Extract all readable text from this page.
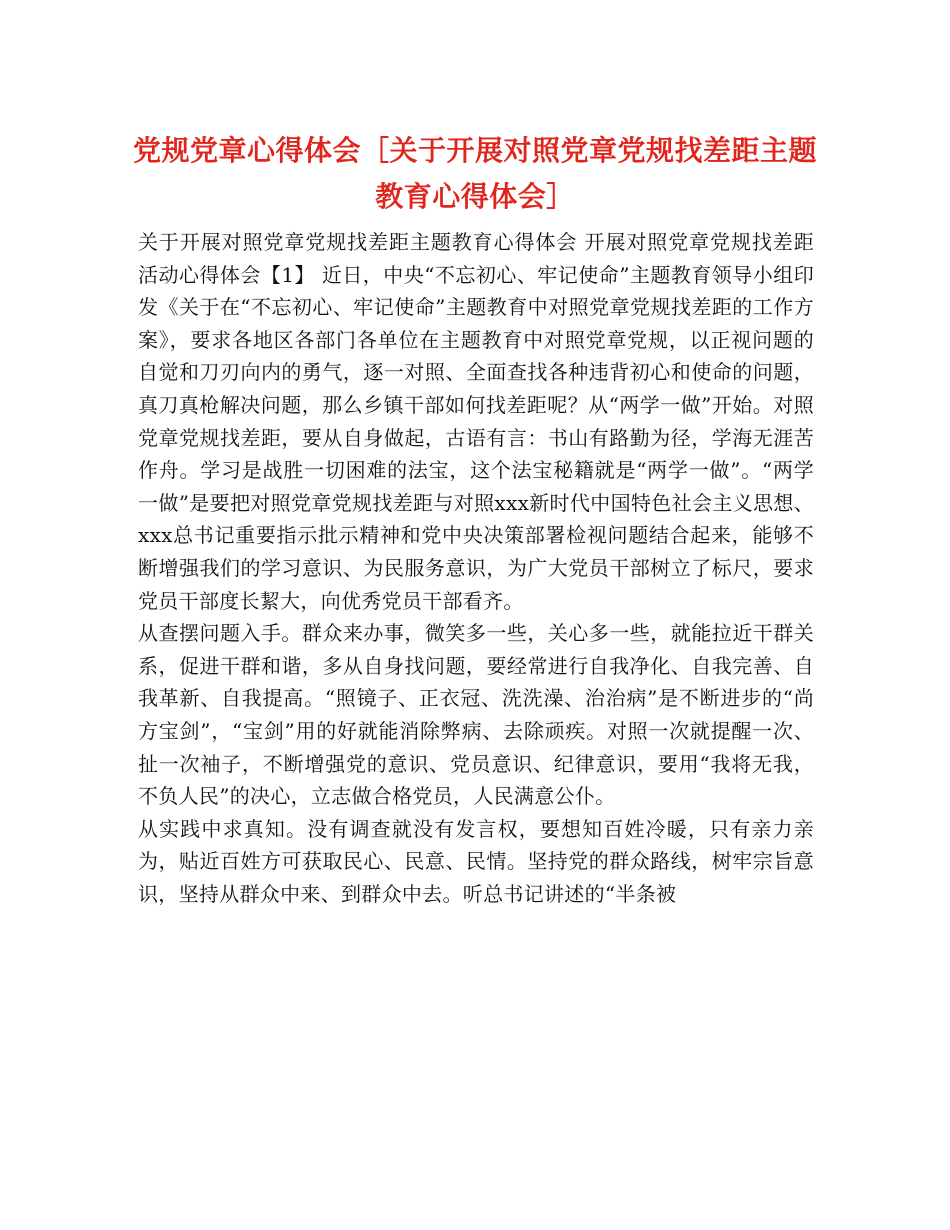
党规党章心得体会［关于开展对照党章党规找差距主题教育心得体会］

关于开展对照党章党规找差距主题教育心得体会 开展对照党章党规找差距活动心得体会【1】 近日，中央“不忘初心、牢记使命”主题教育领导小组印发《关于在“不忘初心、牢记使命”主题教育中对照党章党规找差距的工作方案》，要求各地区各部门各单位在主题教育中对照党章党规，以正视问题的自觉和刀刃向内的勇气，逐一对照、全面查找各种违背初心和使命的问题，真刀真枪解决问题，那么乡镇干部如何找差距呢？从“两学一做”开始。对照党章党规找差距，要从自身做起，古语有言：书山有路勤为径，学海无涯苦作舟。学习是战胜一切困难的法宝，这个法宝秘籍就是“两学一做”。“两学一做”是要把对照党章党规找差距与对照xxx新时代中国特色社会主义思想、xxx总书记重要指示批示精神和党中央决策部署检视问题结合起来，能够不断增强我们的学习意识、为民服务意识，为广大党员干部树立了标尺，要求党员干部度长絜大，向优秀党员干部看齐。

从查摆问题入手。群众来办事，微笑多一些，关心多一些，就能拉近干群关系，促进干群和谐，多从自身找问题，要经常进行自我净化、自我完善、自我革新、自我提高。“照镜子、正衣冠、洗洗澡、治治病”是不断进步的“尚方宝剑”，“宝剑”用的好就能消除弊病、去除顽疾。对照一次就提醒一次、扯一次袖子，不断增强党的意识、党员意识、纪律意识，要用“我将无我，不负人民”的决心，立志做合格党员，人民满意公仆。

从实践中求真知。没有调查就没有发言权，要想知百姓冷暖，只有亲力亲为，贴近百姓方可获取民心、民意、民情。坚持党的群众路线，树牢宗旨意识，坚持从群众中来、到群众中去。听总书记讲述的“半条被
